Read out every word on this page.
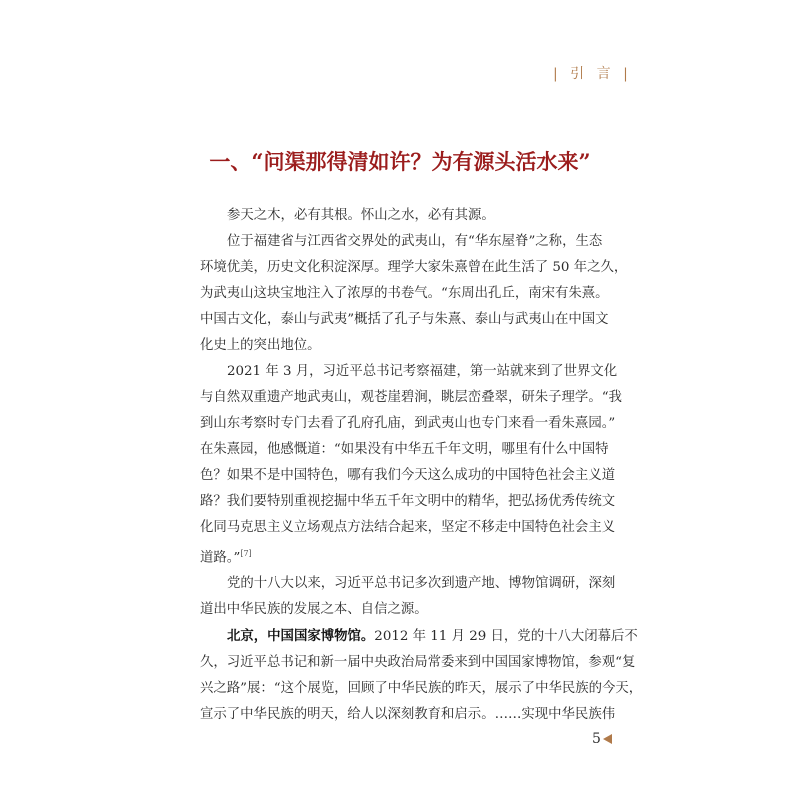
| 引 言 |
一、“问渠那得清如许？为有源头活水来”
参天之木，必有其根。怀山之水，必有其源。
位于福建省与江西省交界处的武夷山，有“华东屋脊”之称，生态
环境优美，历史文化积淀深厚。理学大家朱熹曾在此生活了 50 年之久，
为武夷山这块宝地注入了浓厚的书卷气。“东周出孔丘，南宋有朱熹。
中国古文化，泰山与武夷”概括了孔子与朱熹、泰山与武夷山在中国文
化史上的突出地位。
2021 年 3 月，习近平总书记考察福建，第一站就来到了世界文化
与自然双重遗产地武夷山，观苍崖碧涧，眺层峦叠翠，研朱子理学。“我
到山东考察时专门去看了孔府孔庙，到武夷山也专门来看一看朱熹园。”
在朱熹园，他感慨道：“如果没有中华五千年文明，哪里有什么中国特
色？如果不是中国特色，哪有我们今天这么成功的中国特色社会主义道
路？我们要特别重视挖掘中华五千年文明中的精华，把弘扬优秀传统文
化同马克思主义立场观点方法结合起来，坚定不移走中国特色社会主义
道路。”[7]
党的十八大以来，习近平总书记多次到遗产地、博物馆调研，深刻
道出中华民族的发展之本、自信之源。
北京，中国国家博物馆。2012 年 11 月 29 日，党的十八大闭幕后不
久，习近平总书记和新一届中央政治局常委来到中国国家博物馆，参观“复
兴之路”展：“这个展览，回顾了中华民族的昨天，展示了中华民族的今天，
宣示了中华民族的明天，给人以深刻教育和启示。……实现中华民族伟
5
